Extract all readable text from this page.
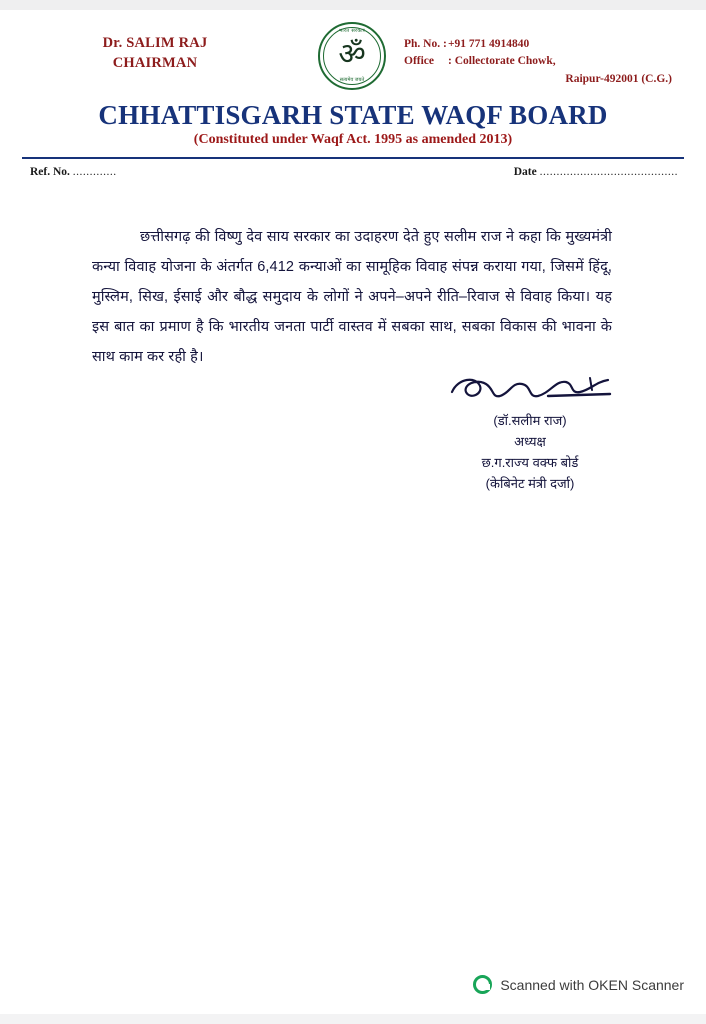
Dr. SALIM RAJ
CHAIRMAN
भारत सरकार
ॐ
सत्यमेव जयते
Ph. No. :+91 771 4914840
Office : Collectorate Chowk,
Raipur-492001 (C.G.)
CHHATTISGARH STATE WAQF BOARD
(Constituted under Waqf Act. 1995 as amended 2013)
Ref. No. .............	Date .........................................
छत्तीसगढ़ की विष्णु देव साय सरकार का उदाहरण देते हुए सलीम राज ने कहा कि मुख्यमंत्री कन्या विवाह योजना के अंतर्गत 6,412 कन्याओं का सामूहिक विवाह संपन्न कराया गया, जिसमें हिंदू, मुस्लिम, सिख, ईसाई और बौद्ध समुदाय के लोगों ने अपने–अपने रीति–रिवाज से विवाह किया। यह इस बात का प्रमाण है कि भारतीय जनता पार्टी वास्तव में सबका साथ, सबका विकास की भावना के साथ काम कर रही है।
(डॉ.सलीम राज)
अध्यक्ष
छ.ग.राज्य वक्फ बोर्ड
(केबिनेट मंत्री दर्जा)
Scanned with OKEN Scanner
